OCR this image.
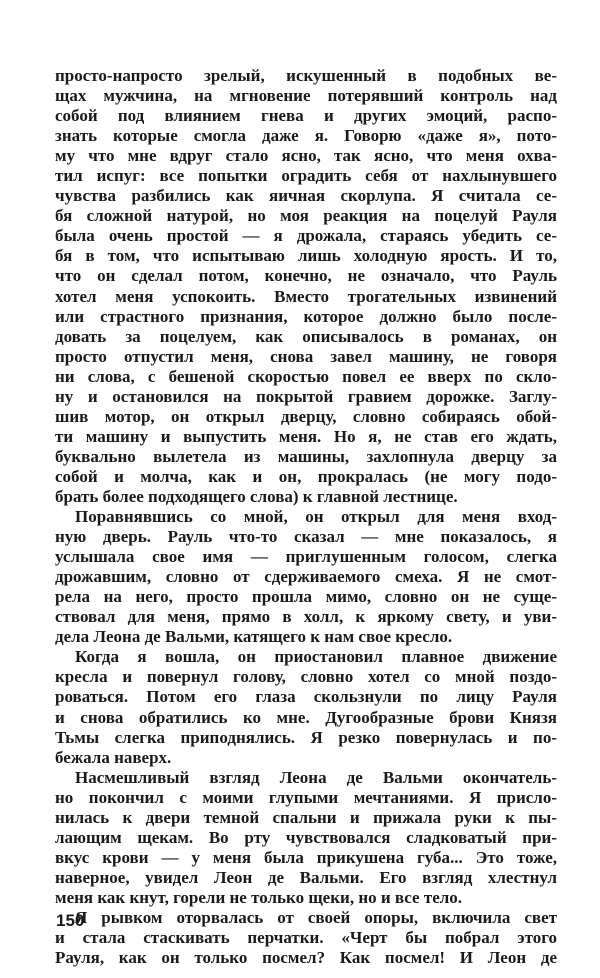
просто-напросто зрелый, искушенный в подобных ве-
щах мужчина, на мгновение потерявший контроль над
собой под влиянием гнева и других эмоций, распо-
знать которые смогла даже я. Говорю «даже я», пото-
му что мне вдруг стало ясно, так ясно, что меня охва-
тил испуг: все попытки оградить себя от нахлынувшего
чувства разбились как яичная скорлупа. Я считала се-
бя сложной натурой, но моя реакция на поцелуй Рауля
была очень простой — я дрожала, стараясь убедить се-
бя в том, что испытываю лишь холодную ярость. И то,
что он сделал потом, конечно, не означало, что Рауль
хотел меня успокоить. Вместо трогательных извинений
или страстного признания, которое должно было после-
довать за поцелуем, как описывалось в романах, он
просто отпустил меня, снова завел машину, не говоря
ни слова, с бешеной скоростью повел ее вверх по скло-
ну и остановился на покрытой гравием дорожке. Заглу-
шив мотор, он открыл дверцу, словно собираясь обой-
ти машину и выпустить меня. Но я, не став его ждать,
буквально вылетела из машины, захлопнула дверцу за
собой и молча, как и он, прокралась (не могу подо-
брать более подходящего слова) к главной лестнице.
Поравнявшись со мной, он открыл для меня вход-
ную дверь. Рауль что-то сказал — мне показалось, я
услышала свое имя — приглушенным голосом, слегка
дрожавшим, словно от сдерживаемого смеха. Я не смот-
рела на него, просто прошла мимо, словно он не суще-
ствовал для меня, прямо в холл, к яркому свету, и уви-
дела Леона де Вальми, катящего к нам свое кресло.
Когда я вошла, он приостановил плавное движение
кресла и повернул голову, словно хотел со мной поздо-
роваться. Потом его глаза скользнули по лицу Рауля
и снова обратились ко мне. Дугообразные брови Князя
Тьмы слегка приподнялись. Я резко повернулась и по-
бежала наверх.
Насмешливый взгляд Леона де Вальми окончатель-
но покончил с моими глупыми мечтаниями. Я присло-
нилась к двери темной спальни и прижала руки к пы-
лающим щекам. Во рту чувствовался сладковатый при-
вкус крови — у меня была прикушена губа... Это тоже,
наверное, увидел Леон де Вальми. Его взгляд хлестнул
меня как кнут, горели не только щеки, но и все тело.
Я рывком оторвалась от своей опоры, включила свет
и стала стаскивать перчатки. «Черт бы побрал этого
Рауля, как он только посмел? Как посмел! И Леон де
150
